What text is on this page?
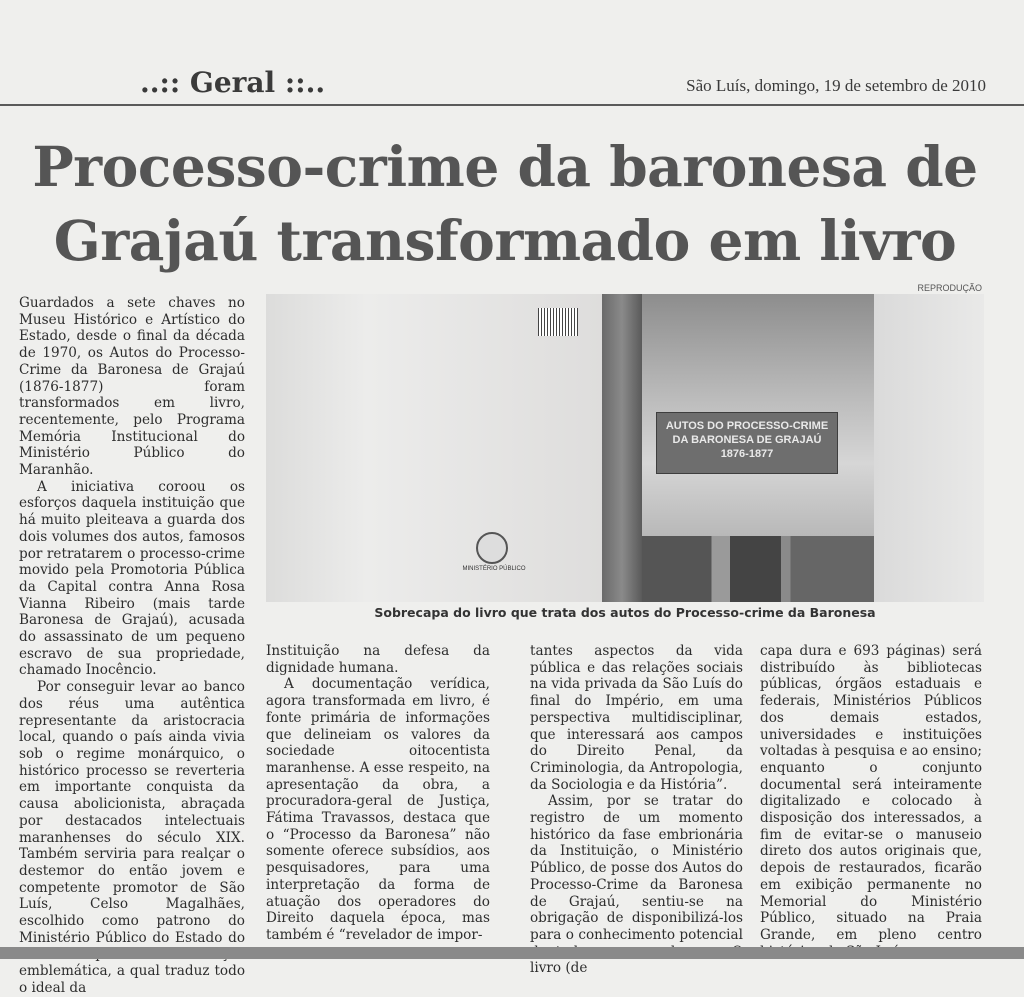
..:: Geral ::..	São Luís, domingo, 19 de setembro de 2010
Processo-crime da baronesa de Grajaú transformado em livro
REPRODUÇÃO
MINISTÉRIO PÚBLICO
AUTOS DO PROCESSO-CRIME DA BARONESA DE GRAJAÚ 1876-1877
Sobrecapa do livro que trata dos autos do Processo-crime da Baronesa

Guardados a sete chaves no Museu Histórico e Artístico do Estado, desde o final da década de 1970, os Autos do Processo-Crime da Baronesa de Grajaú (1876-1877) foram transformados em livro, recentemente, pelo Programa Memória Institucional do Ministério Público do Maranhão.

A iniciativa coroou os esforços daquela instituição que há muito pleiteava a guarda dos dois volumes dos autos, famosos por retratarem o processo-crime movido pela Promotoria Pública da Capital contra Anna Rosa Vianna Ribeiro (mais tarde Baronesa de Grajaú), acusada do assassinato de um pequeno escravo de sua propriedade, chamado Inocêncio.

Por conseguir levar ao banco dos réus uma autêntica representante da aristocracia local, quando o país ainda vivia sob o regime monárquico, o histórico processo se reverteria em importante conquista da causa abolicionista, abraçada por destacados intelectuais maranhenses do século XIX. Também serviria para realçar o destemor do então jovem e competente promotor de São Luís, Celso Magalhães, escolhido como patrono do Ministério Público do Estado do emblemática, a qual traduz todo o ideal da

Instituição na defesa da dignidade humana.

A documentação verídica, agora transformada em livro, é fonte primária de informações que delineiam os valores da sociedade oitocentista maranhense. A esse respeito, na apresentação da obra, a procuradora-geral de Justiça, Fátima Travassos, destaca que o “Processo da Baronesa” não somente oferece subsídios, aos pesquisadores, para uma interpretação da forma de atuação dos operadores do Direito daquela época, mas também é “revelador de impor-

tantes aspectos da vida pública e das relações sociais na vida privada da São Luís do final do Império, em uma perspectiva multidisciplinar, que interessará aos campos do Direito Penal, da Criminologia, da Antropologia, da Sociologia e da História”.

Assim, por se tratar do registro de um momento histórico da fase embrionária da Instituição, o Ministério Público, de posse dos Autos do Processo-Crime da Baronesa de Grajaú, sentiu-se na obrigação de disponibilizá-los para o conhecimento potencial livro (de

capa dura e 693 páginas) será distribuído às bibliotecas públicas, órgãos estaduais e federais, Ministérios Públicos dos demais estados, universidades e instituições voltadas à pesquisa e ao ensino; enquanto o conjunto documental será inteiramente digitalizado e colocado à disposição dos interessados, a fim de evitar-se o manuseio direto dos autos originais que, depois de restaurados, ficarão em exibição permanente no Memorial do Ministério Público, situado na Praia Grande, em pleno centro
